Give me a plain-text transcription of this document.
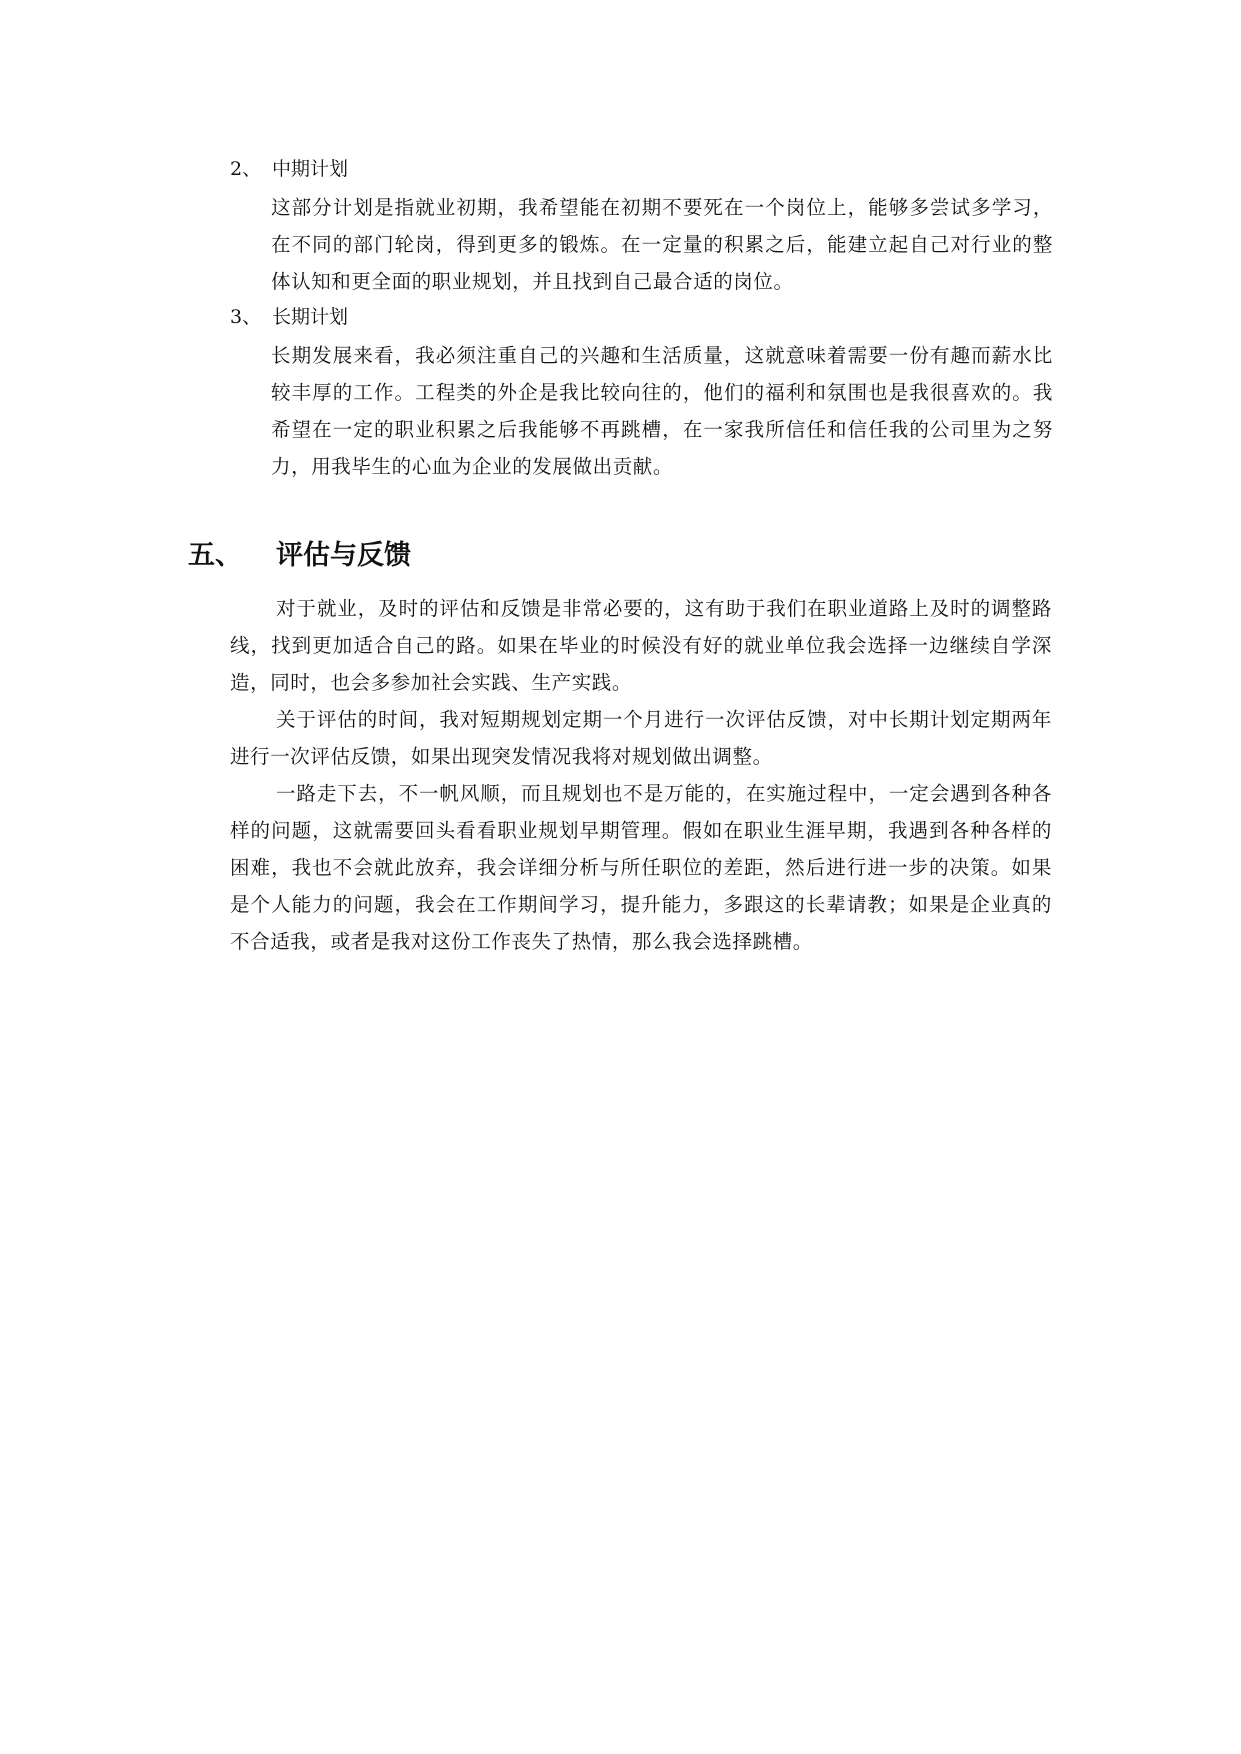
2、 中期计划
这部分计划是指就业初期，我希望能在初期不要死在一个岗位上，能够多尝试多学习，在不同的部门轮岗，得到更多的锻炼。在一定量的积累之后，能建立起自己对行业的整体认知和更全面的职业规划，并且找到自己最合适的岗位。
3、 长期计划
长期发展来看，我必须注重自己的兴趣和生活质量，这就意味着需要一份有趣而薪水比较丰厚的工作。工程类的外企是我比较向往的，他们的福利和氛围也是我很喜欢的。我希望在一定的职业积累之后我能够不再跳槽，在一家我所信任和信任我的公司里为之努力，用我毕生的心血为企业的发展做出贡献。
五、 评估与反馈
对于就业，及时的评估和反馈是非常必要的，这有助于我们在职业道路上及时的调整路线，找到更加适合自己的路。如果在毕业的时候没有好的就业单位我会选择一边继续自学深造，同时，也会多参加社会实践、生产实践。
关于评估的时间，我对短期规划定期一个月进行一次评估反馈，对中长期计划定期两年进行一次评估反馈，如果出现突发情况我将对规划做出调整。
一路走下去，不一帆风顺，而且规划也不是万能的，在实施过程中，一定会遇到各种各样的问题，这就需要回头看看职业规划早期管理。假如在职业生涯早期，我遇到各种各样的困难，我也不会就此放弃，我会详细分析与所任职位的差距，然后进行进一步的决策。如果是个人能力的问题，我会在工作期间学习，提升能力，多跟这的长辈请教；如果是企业真的不合适我，或者是我对这份工作丧失了热情，那么我会选择跳槽。
